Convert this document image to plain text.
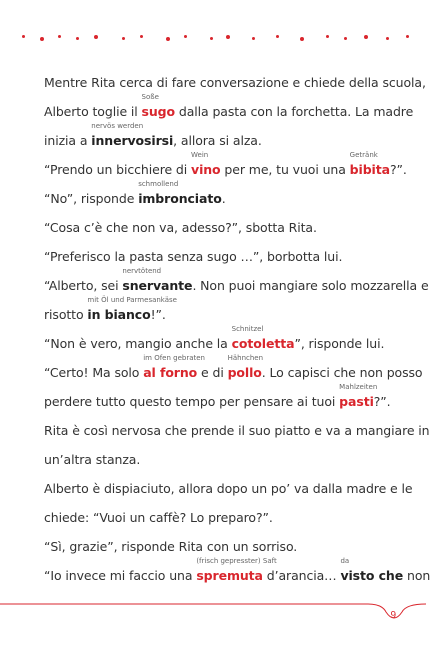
Mentre Rita cerca di fare conversazione e chiede della scuola,
Alberto toglie il sugo
Soße
dalla pasta con la forchetta. La madre
inizia a innervosirsi
nervös werden
, allora si alza.
“Prendo un bicchiere di vino
Wein
per me, tu vuoi una bibita
Getränk
?”.
“No”, risponde imbronciato
schmollend
.
“Cosa c’è che non va, adesso?”, sbotta Rita.
“Preferisco la pasta senza sugo …”, borbotta lui.
“Alberto, sei snervante
nervtötend
. Non puoi mangiare solo mozzarella e
risotto in bianco
mit Öl und Parmesankäse
!”.
“Non è vero, mangio anche la cotoletta
Schnitzel
”, risponde lui.
“Certo! Ma solo al forno
im Ofen gebraten
e di pollo
Hähnchen
. Lo capisci che non posso
perdere tutto questo tempo per pensare ai tuoi pasti
Mahlzeiten
?”.
Rita è così nervosa che prende il suo piatto e va a mangiare in
un’altra stanza.
Alberto è dispiaciuto, allora dopo un po’ va dalla madre e le
chiede: “Vuoi un caffè? Lo preparo?”.
“Sì, grazie”, risponde Rita con un sorriso.
“Io invece mi faccio una spremuta
(frisch gepresster) Saft
d’arancia… visto che
da
non
9
